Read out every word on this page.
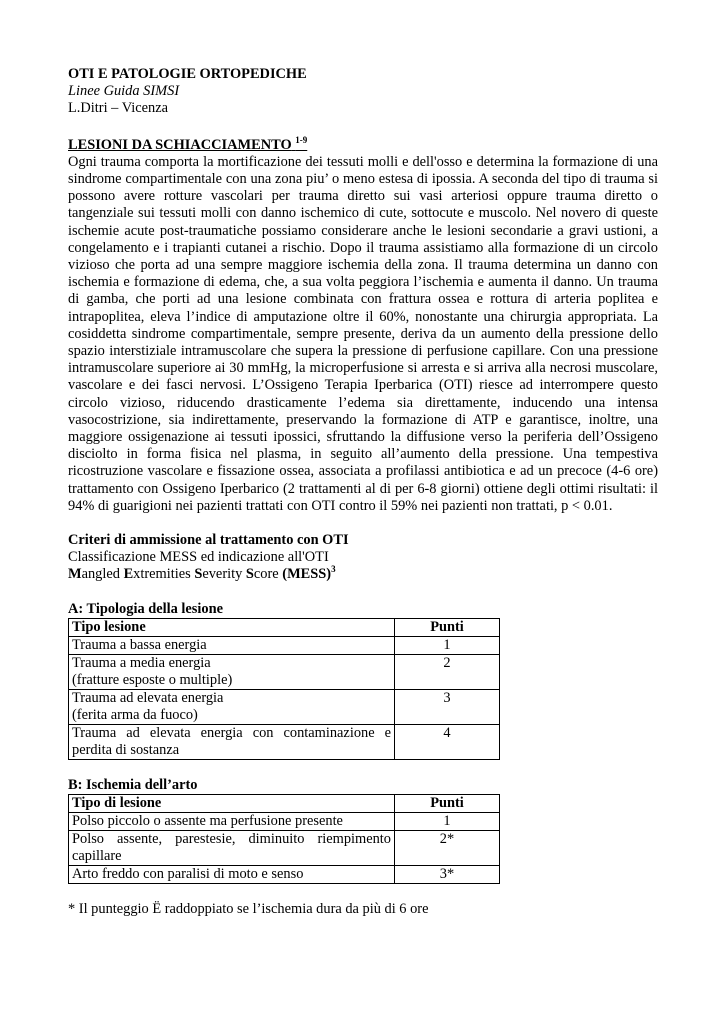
OTI E PATOLOGIE ORTOPEDICHE

Linee Guida SIMSI

L.Ditri – Vicenza

LESIONI DA SCHIACCIAMENTO $^{1-9}$

Ogni trauma comporta la mortificazione dei tessuti molli e dell'osso e determina la formazione di una sindrome compartimentale con una zona piu’ o meno estesa di ipossia. A seconda del tipo di trauma si possono avere rotture vascolari per trauma diretto sui vasi arteriosi oppure trauma diretto o tangenziale sui tessuti molli con danno ischemico di cute, sottocute e muscolo. Nel novero di queste ischemie acute post-traumatiche possiamo considerare anche le lesioni secondarie a gravi ustioni, a congelamento e i trapianti cutanei a rischio. Dopo il trauma assistiamo alla formazione di un circolo vizioso che porta ad una sempre maggiore ischemia della zona. Il trauma determina un danno con ischemia e formazione di edema, che, a sua volta peggiora l’ischemia e aumenta il danno. Un trauma di gamba, che porti ad una lesione combinata con frattura ossea e rottura di arteria poplitea e intrapoplitea, eleva l’indice di amputazione oltre il 60%, nonostante una chirurgia appropriata. La cosiddetta sindrome compartimentale, sempre presente, deriva da un aumento della pressione dello spazio interstiziale intramuscolare che supera la pressione di perfusione capillare. Con una pressione intramuscolare superiore ai 30 mmHg, la microperfusione si arresta e si arriva alla necrosi muscolare, vascolare e dei fasci nervosi. L’Ossigeno Terapia Iperbarica (OTI) riesce ad interrompere questo circolo vizioso, riducendo drasticamente l’edema sia direttamente, inducendo una intensa vasocostrizione, sia indirettamente, preservando la formazione di ATP e garantisce, inoltre, una maggiore ossigenazione ai tessuti ipossici, sfruttando la diffusione verso la periferia dell’Ossigeno disciolto in forma fisica nel plasma, in seguito all’aumento della pressione. Una tempestiva ricostruzione vascolare e fissazione ossea, associata a profilassi antibiotica e ad un precoce (4-6 ore) trattamento con Ossigeno Iperbarico (2 trattamenti al di per 6-8 giorni) ottiene degli ottimi risultati: il 94% di guarigioni nei pazienti trattati con OTI contro il 59% nei pazienti non trattati, p < 0.01.

Criteri di ammissione al trattamento con OTI

Classificazione MESS ed indicazione all'OTI

Mangled Extremities Severity Score (MESS)$^3$

A: Tipologia della lesione

Tipo lesione	Punti
Trauma a bassa energia	1
Trauma a media energia
(fratture esposte o multiple)	2
Trauma ad elevata energia
(ferita arma da fuoco)	3

Trauma ad elevata energia con contaminazione e
perdita di sostanza	4

B: Ischemia dell’arto

Tipo di lesione	Punti
Polso piccolo o assente ma perfusione presente	1

Polso assente, parestesie, diminuito riempimento
capillare	2*
Arto freddo con paralisi di moto e senso	3*

* Il punteggio Ë raddoppiato se l’ischemia dura da più di 6 ore
